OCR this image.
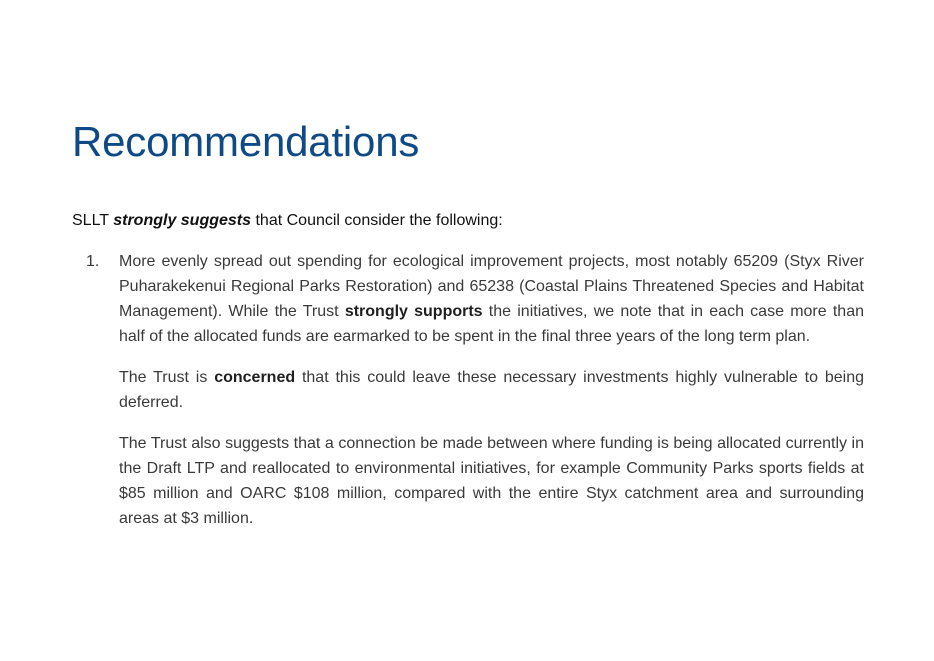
Recommendations

SLLT strongly suggests that Council consider the following:

1. More evenly spread out spending for ecological improvement projects, most notably 65209 (Styx River Puharakekenui Regional Parks Restoration) and 65238 (Coastal Plains Threatened Species and Habitat Management). While the Trust strongly supports the initiatives, we note that in each case more than half of the allocated funds are earmarked to be spent in the final three years of the long term plan.

The Trust is concerned that this could leave these necessary investments highly vulnerable to being deferred.

The Trust also suggests that a connection be made between where funding is being allocated currently in the Draft LTP and reallocated to environmental initiatives, for example Community Parks sports fields at $85 million and OARC $108 million, compared with the entire Styx catchment area and surrounding areas at $3 million.
